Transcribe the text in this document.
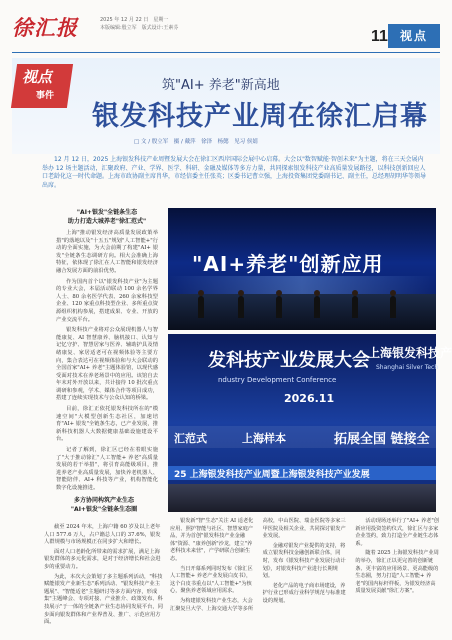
徐汇报	2025 年 12 月 22 日　星期一
本版编辑:殷立军　版式设计:王素芬	11	视点
视点
事件
筑"AI+ 养老"新高地
银发科技产业周在徐汇启幕
□ 文 / 殷立军　摄 / 戴萍　徐泽　杨懿　见习 侯婧
12 月 12 日，2025 上海银发科技产业周暨发展大会在徐汇区西岸国际会展中心启幕。大会以"数智赋能·智创未来"为主题，将在三天会展内举办 12 场主题活动，汇聚政府、产业、学界、医学、科研、金融及媒体等多方力量，共同探索银发科技产业高质量发展路径，以科技创新回应人口老龄化这一时代命题。上海市政协副主席肖华，市经信委主任张英；区委书记曹立强，上海投资集团党委副书记、副主任，总经理胡明华等领导出席。
"AI+银发"全链条生态
助力打造大城养老"徐汇范式"

上海"推动银发经济高质量发展政策举措"的落地以及"十五五"规划"人工智能+"行动的全面实施，为大会前期了构建"AI+ 银发"全链条生态调研方向。相大会准确上海特征，依体现了徐汇在人工智能和银发经济融合发展方面的前沿优势。

作为国内首个以"银发科技产业"为主题的专业大会，本届活动联动 100 余名学界人士、80 余名医学代表、260 余家科技型企业、120 家重点科技型企业、多所重点资源组织机构参展，搭建成果、专业、开放的产业交流平台。

银发科技产业将对公众展现机器人与智能康复、AI 智慧康养、脑机接口、认知与记忆守护、智慧居家与医养、辅助护具及情绪康复、家居适老可在视频体验等主要方向，集合表达可在视频体验和与大会联动的全国首家"AI+ 养老"主题体验馆，以现代感受面对技术在养老场景中的应用。该馆自去年末对外开放以来，共计接待 10 批次重点调研和参观，学术、媒体合作等项目成功，搭建了连续实现技术与公众认知的桥梁。

目前，徐汇正依托银发科技所在的"模速空间"大模型创新生态社区，加速培育"AI+ 银发"全链条生态，已产业发展，推新科技机器人大数据健康基础设施建设平台。

记者了解到，徐汇区已经在着眼实施了"大于推动徐汇"人工智能+ 养老"高质量发展的若干举措"，将引育高能级项目，推进养老产业高质量发展，加快养老机器人、智能陪伴、AI+ 科技等产业，机构智能化数字化设施推进。

多方协同构筑产业生态
"AI+银发"全链条生态圈

截至 2024 年末，上海户籍 60 岁及以上老年人口 577.6 万人，占户籍总人口的 37.6%，银发人群规模与市场规模正在同步扩大和增长。

面对人口老龄化所带来的需求扩展，满足上海银发群体的多元化需求，是对于经济增长和社会进步的重要动力。

为此，本次大会策划了多主题系列活动，"科技赋能银发产业新生态"系列活动、"银发科技产业主题展"、"智能适老"主题研讨等多方面内容，形成集"主题峰会、专项对接、产业推介、政策发布、科技展示"于一体的全链条产业生态协同发展平台，同步面向银发群体和产业界普及、推广、示范应用方面。

"AI+养老"创新应用
发科技产业发展大会
ndustry Development Conference
上海银发科技产
Shanghai Silver Tech
2026.11
汇范式	上海样本	拓展全国 链接全
25 上海银发科技产业周暨上海银发科技产业发展

银发新"智"生态"关注 AI 适老化应用、照护智能与社区、智慧家庭产品，并为首创"银发科技产业金融体"资源、"康养创新"沙龙，建立"养老科技未来营"，产学研联合创新生态。

当日开幕系列同时发布《徐汇区人工智能+ 养老产业发展白皮书》，这个白皮书重点以"人工智能+"为核心，聚焦养老领域应用需求。

为构建银发科技产业生态，大会汇聚复旦大学、上海交通大学等多所高校，中山医院、瑞金医院等多家三甲医院及相关企业，共同探讨银发产业发展。

金融对银发产业提供的支持，将成立银发科技金融创新联合体，同时，发布《银发科技产业发展行动计划》，对银发科技产业进行长期规划。

老化产品的电子商市场建设，养护行业已形成行业科学规范与标准建设的规划。

活动现场还举行了"AI+ 养老"创新应用投资签约仪式，徐汇区与多家企业签约，致力打造全产业链生态体系。

随着 2025 上海银发科技产业周的举办，徐汇正以更完善的创新链条、更丰富的应用场景、更高能级的生态圈，努力打造"人工智能+ 养老"的国内标杆样板，为银发经济高质量发展贡献"徐汇方案"。
